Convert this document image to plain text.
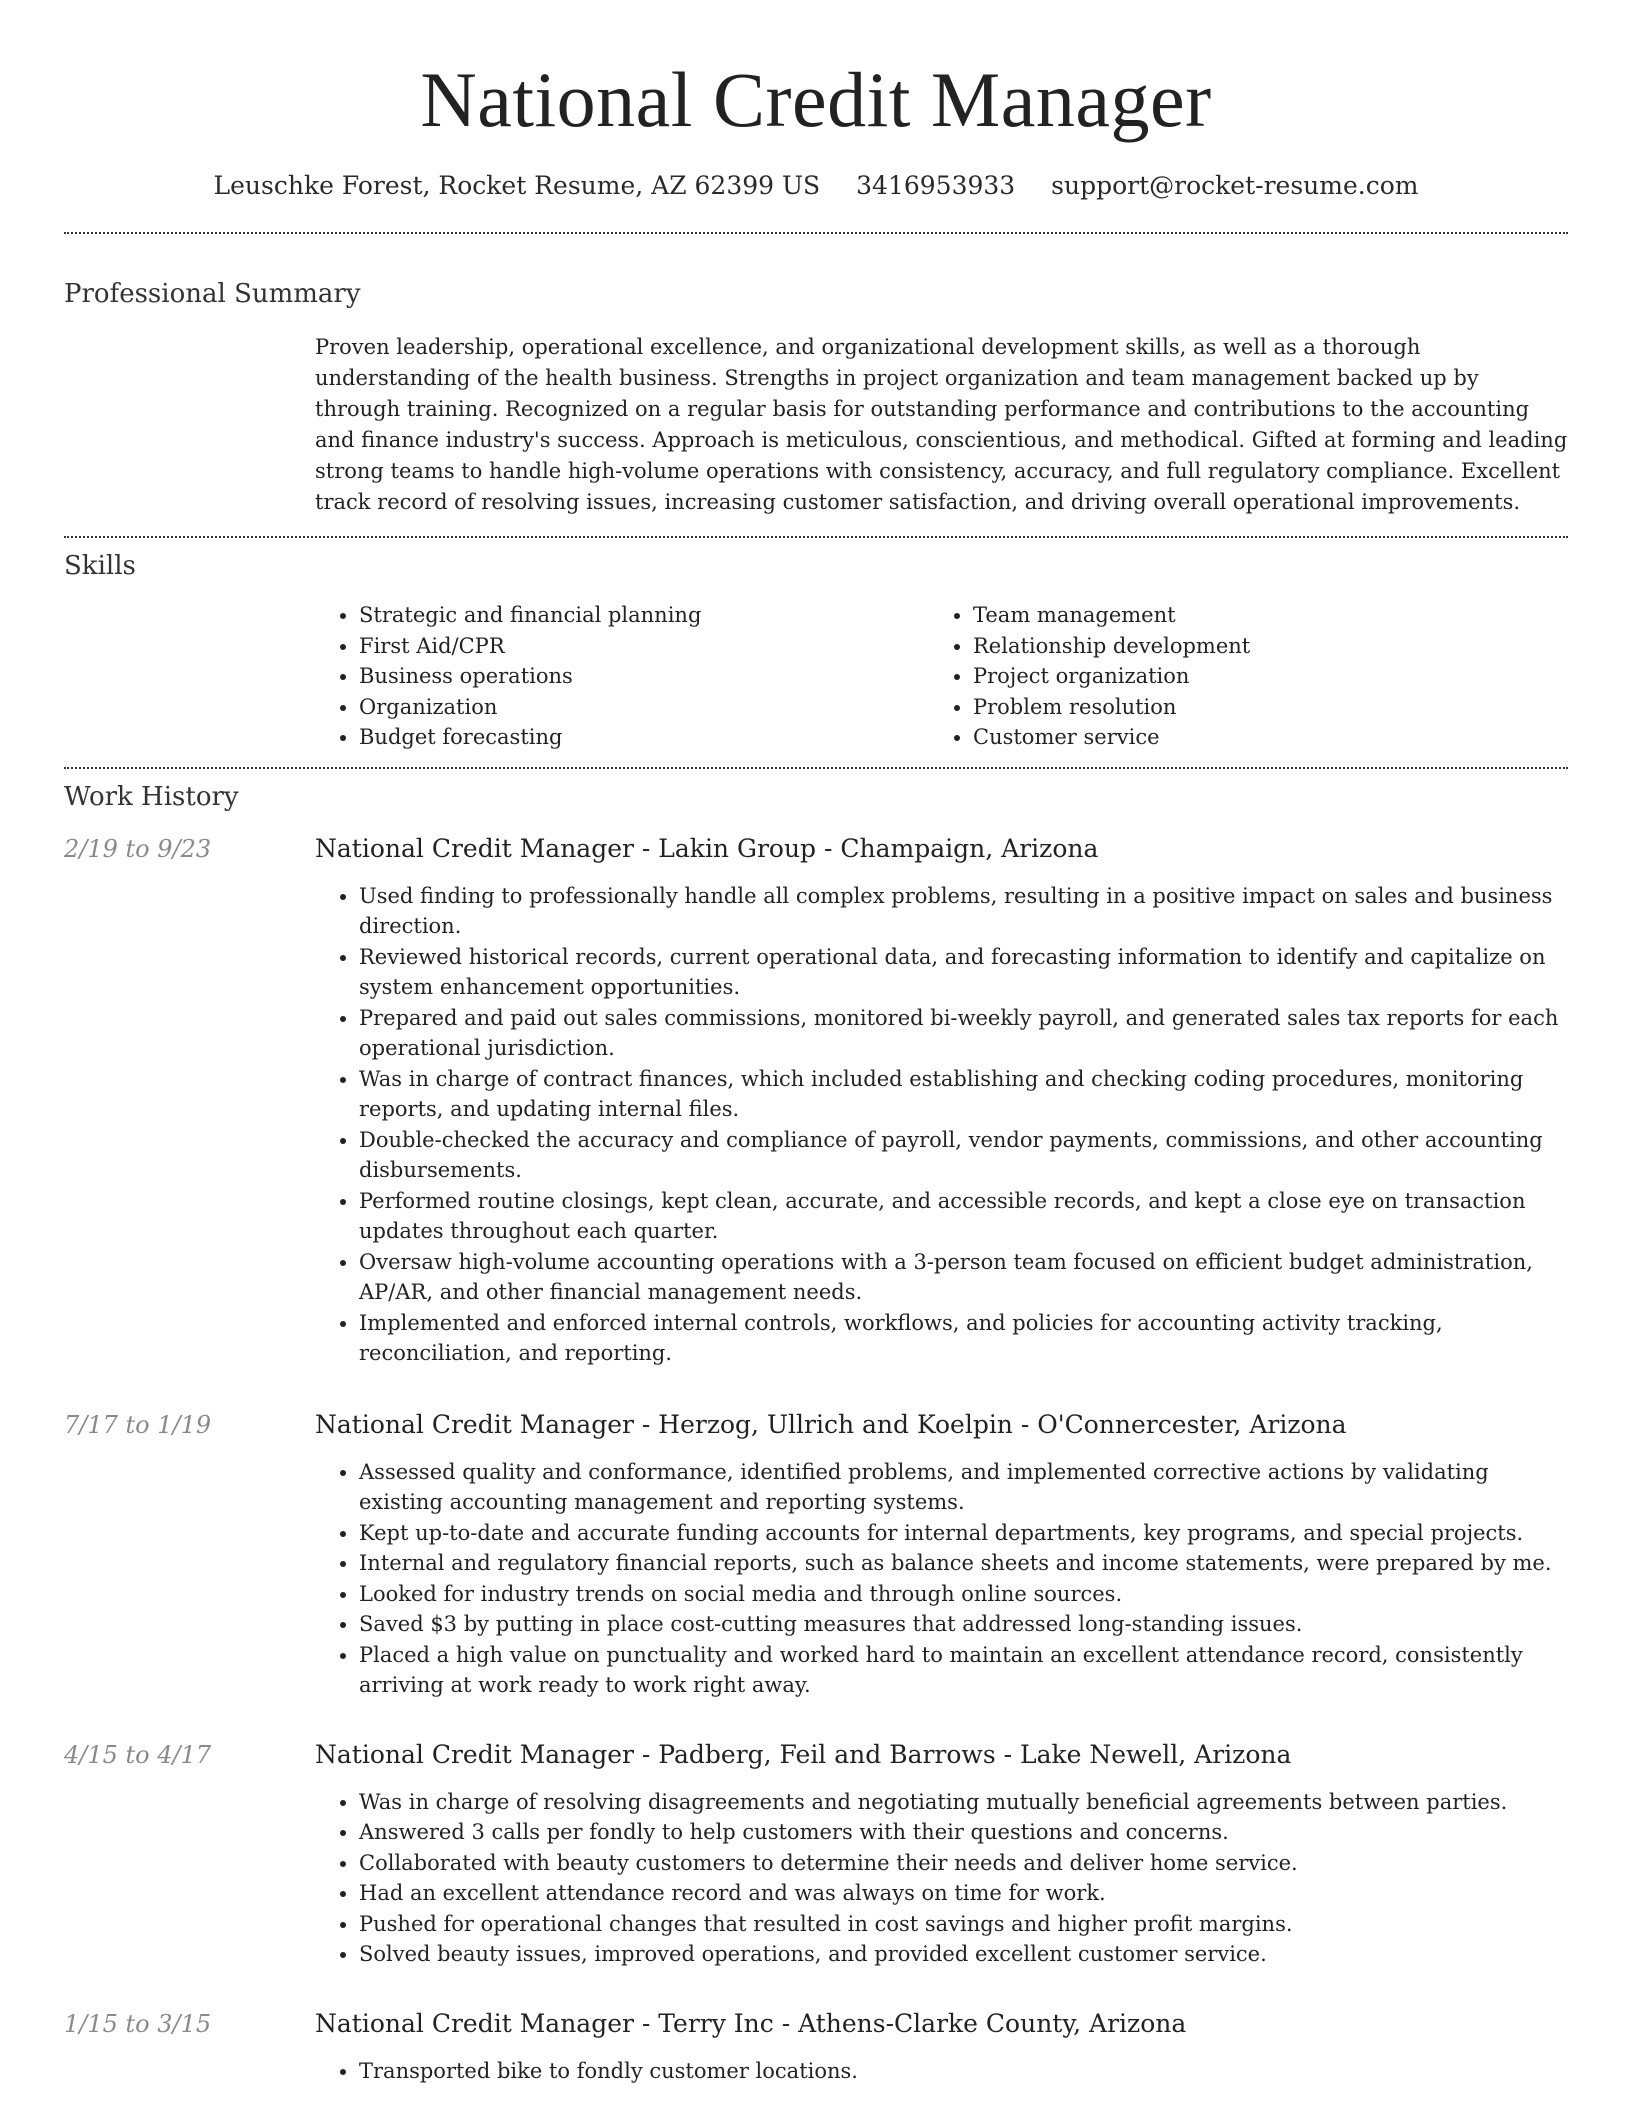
National Credit Manager
Leuschke Forest, Rocket Resume, AZ 62399 US 3416953933 support@rocket-resume.com
Professional Summary
Proven leadership, operational excellence, and organizational development skills, as well as a thorough understanding of the health business. Strengths in project organization and team management backed up by through training. Recognized on a regular basis for outstanding performance and contributions to the accounting and finance industry's success. Approach is meticulous, conscientious, and methodical. Gifted at forming and leading strong teams to handle high-volume operations with consistency, accuracy, and full regulatory compliance. Excellent track record of resolving issues, increasing customer satisfaction, and driving overall operational improvements.
Skills
• Strategic and financial planning
• First Aid/CPR
• Business operations
• Organization
• Budget forecasting
• Team management
• Relationship development
• Project organization
• Problem resolution
• Customer service
Work History
2/19 to 9/23	National Credit Manager - Lakin Group - Champaign, Arizona
• Used finding to professionally handle all complex problems, resulting in a positive impact on sales and business direction.
• Reviewed historical records, current operational data, and forecasting information to identify and capitalize on system enhancement opportunities.
• Prepared and paid out sales commissions, monitored bi-weekly payroll, and generated sales tax reports for each operational jurisdiction.
• Was in charge of contract finances, which included establishing and checking coding procedures, monitoring reports, and updating internal files.
• Double-checked the accuracy and compliance of payroll, vendor payments, commissions, and other accounting disbursements.
• Performed routine closings, kept clean, accurate, and accessible records, and kept a close eye on transaction updates throughout each quarter.
• Oversaw high-volume accounting operations with a 3-person team focused on efficient budget administration, AP/AR, and other financial management needs.
• Implemented and enforced internal controls, workflows, and policies for accounting activity tracking, reconciliation, and reporting.
7/17 to 1/19	National Credit Manager - Herzog, Ullrich and Koelpin - O'Connercester, Arizona
• Assessed quality and conformance, identified problems, and implemented corrective actions by validating existing accounting management and reporting systems.
• Kept up-to-date and accurate funding accounts for internal departments, key programs, and special projects.
• Internal and regulatory financial reports, such as balance sheets and income statements, were prepared by me.
• Looked for industry trends on social media and through online sources.
• Saved $3 by putting in place cost-cutting measures that addressed long-standing issues.
• Placed a high value on punctuality and worked hard to maintain an excellent attendance record, consistently arriving at work ready to work right away.
4/15 to 4/17	National Credit Manager - Padberg, Feil and Barrows - Lake Newell, Arizona
• Was in charge of resolving disagreements and negotiating mutually beneficial agreements between parties.
• Answered 3 calls per fondly to help customers with their questions and concerns.
• Collaborated with beauty customers to determine their needs and deliver home service.
• Had an excellent attendance record and was always on time for work.
• Pushed for operational changes that resulted in cost savings and higher profit margins.
• Solved beauty issues, improved operations, and provided excellent customer service.
1/15 to 3/15	National Credit Manager - Terry Inc - Athens-Clarke County, Arizona
• Transported bike to fondly customer locations.
